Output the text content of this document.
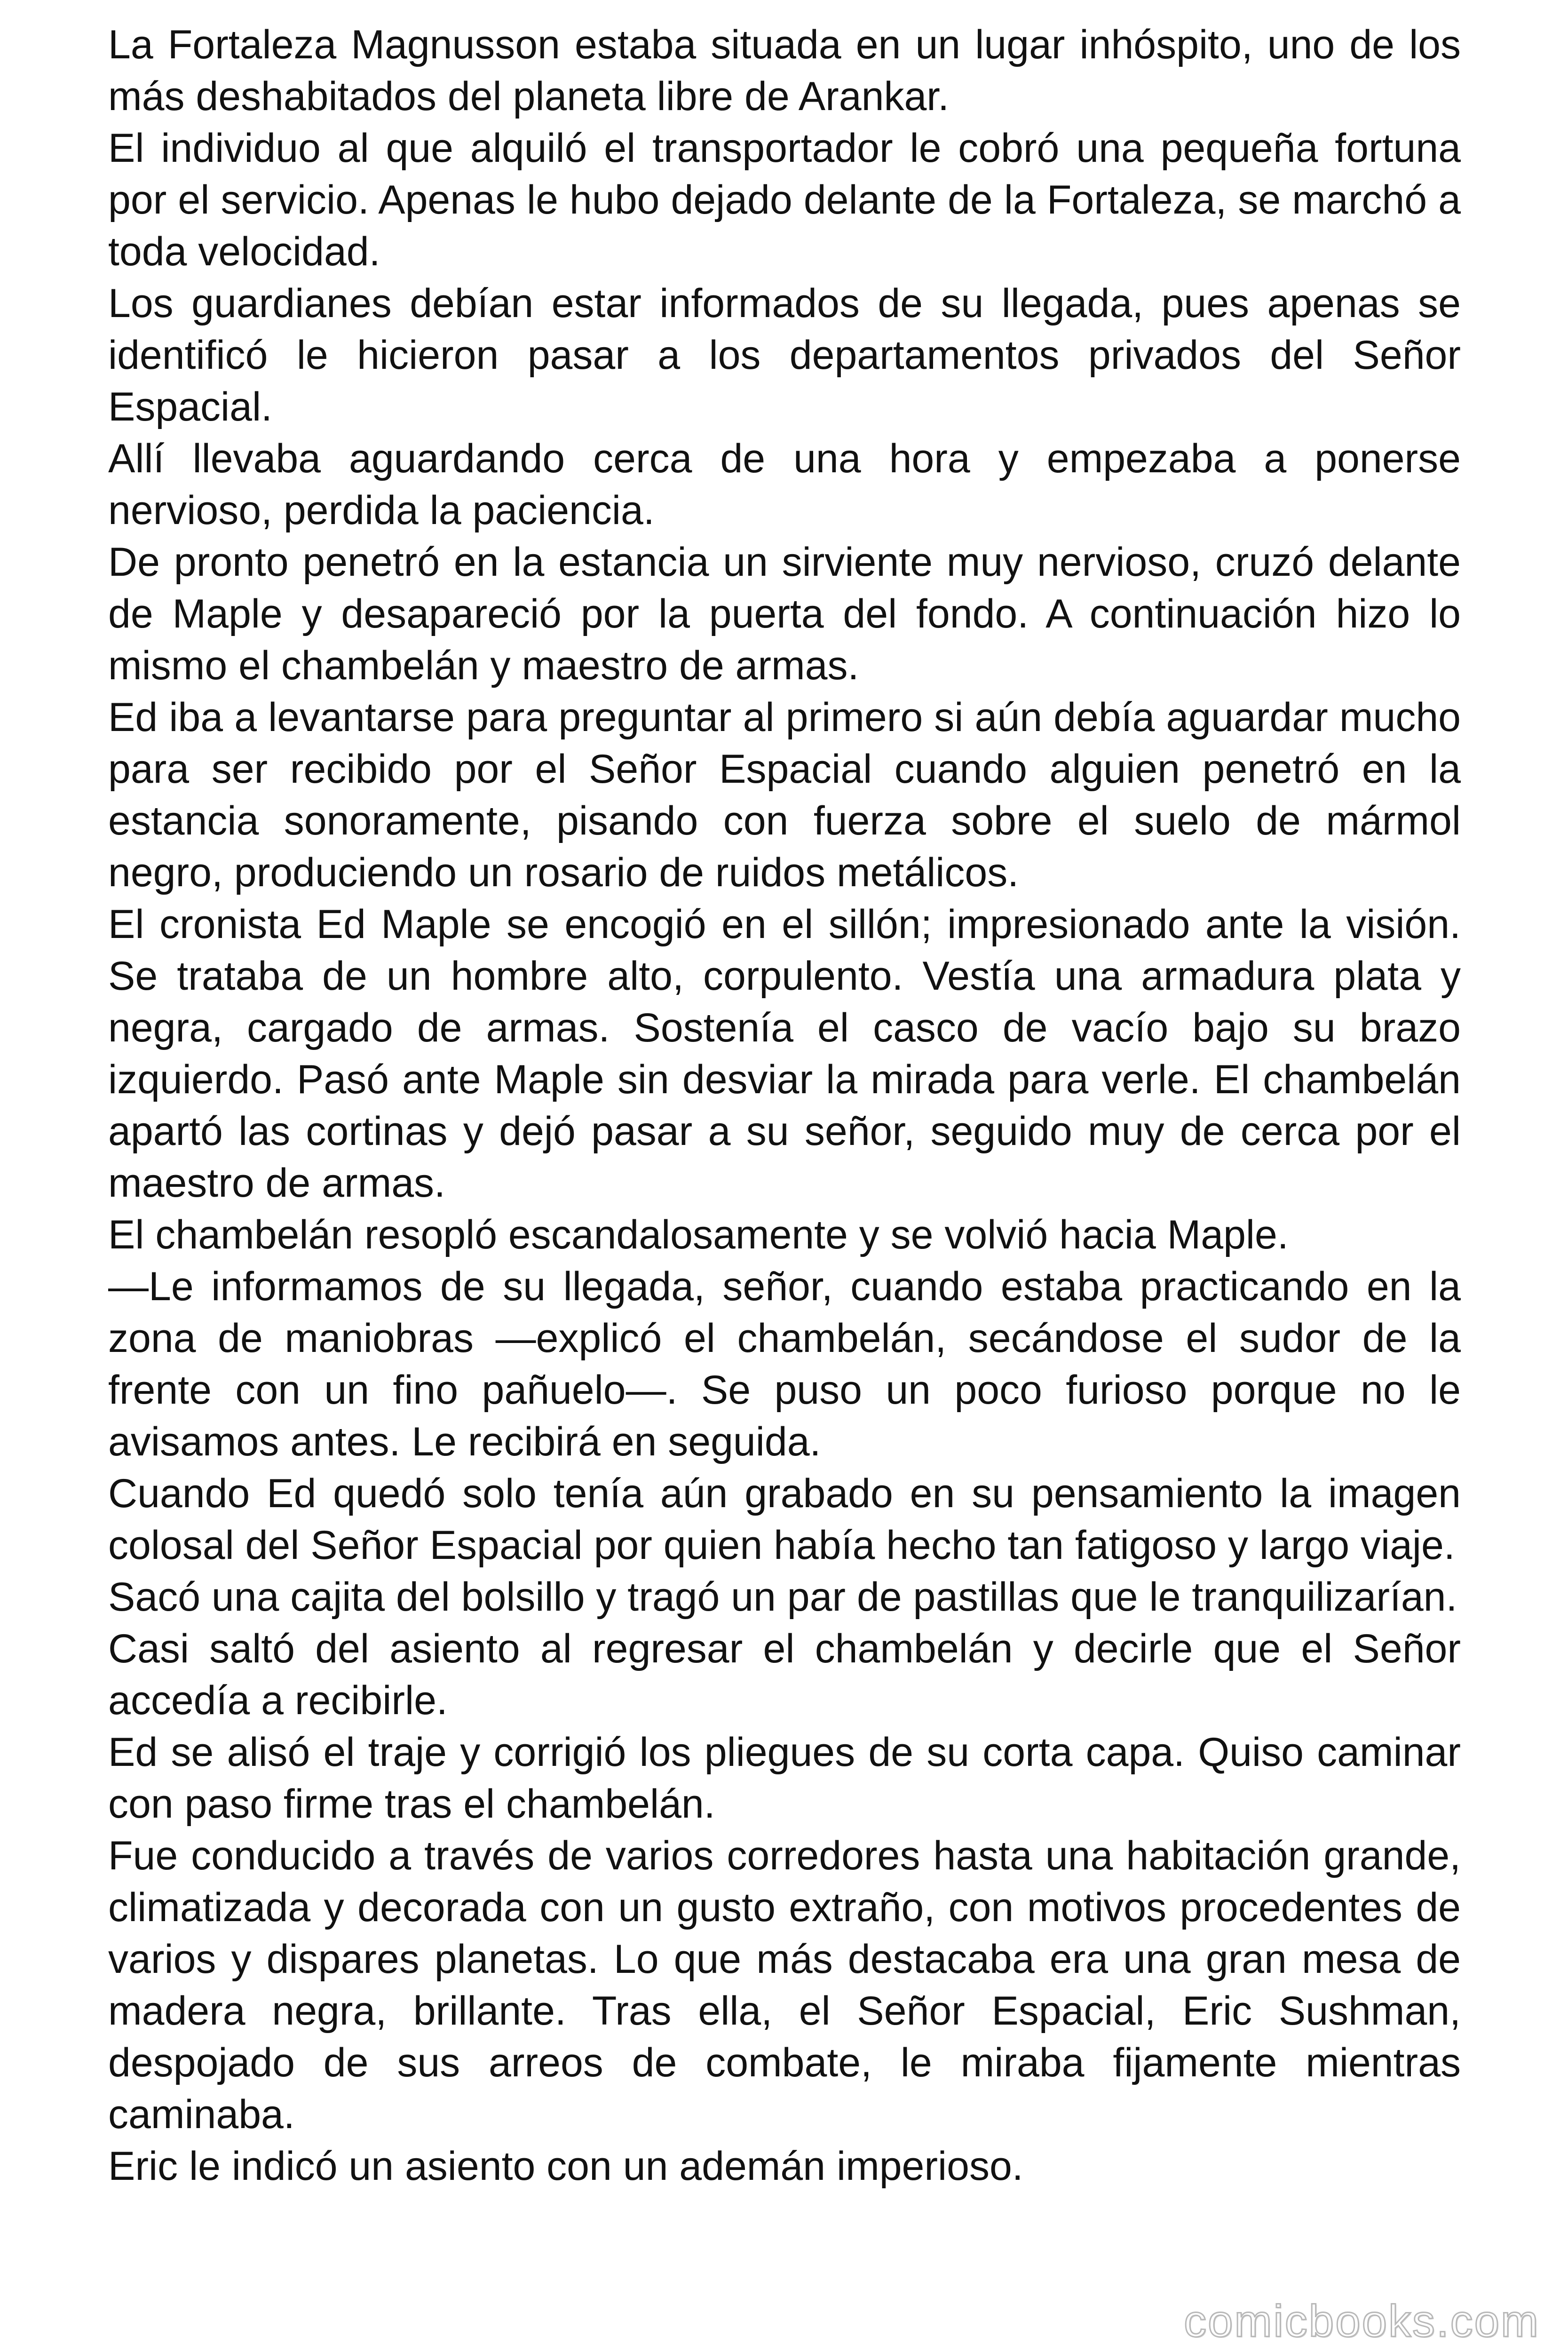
La Fortaleza Magnusson estaba situada en un lugar inhóspito, uno de los más deshabitados del planeta libre de Arankar.

El individuo al que alquiló el transportador le cobró una pequeña fortuna por el servicio. Apenas le hubo dejado delante de la Fortaleza, se marchó a toda velocidad.

Los guardianes debían estar informados de su llegada, pues apenas se identificó le hicieron pasar a los departamentos privados del Señor Espacial.

Allí llevaba aguardando cerca de una hora y empezaba a ponerse nervioso, perdida la paciencia.

De pronto penetró en la estancia un sirviente muy nervioso, cruzó delante de Maple y desapareció por la puerta del fondo. A continuación hizo lo mismo el chambelán y maestro de armas.

Ed iba a levantarse para preguntar al primero si aún debía aguardar mucho para ser recibido por el Señor Espacial cuando alguien penetró en la estancia sonoramente, pisando con fuerza sobre el suelo de mármol negro, produciendo un rosario de ruidos metálicos.

El cronista Ed Maple se encogió en el sillón; impresionado ante la visión. Se trataba de un hombre alto, corpulento. Vestía una armadura plata y negra, cargado de armas. Sostenía el casco de vacío bajo su brazo izquierdo. Pasó ante Maple sin desviar la mirada para verle. El chambelán apartó las cortinas y dejó pasar a su señor, seguido muy de cerca por el maestro de armas.

El chambelán resopló escandalosamente y se volvió hacia Maple.

—Le informamos de su llegada, señor, cuando estaba practicando en la zona de maniobras —explicó el chambelán, secándose el sudor de la frente con un fino pañuelo—. Se puso un poco furioso porque no le avisamos antes. Le recibirá en seguida.

Cuando Ed quedó solo tenía aún grabado en su pensamiento la imagen colosal del Señor Espacial por quien había hecho tan fatigoso y largo viaje.

Sacó una cajita del bolsillo y tragó un par de pastillas que le tranquilizarían.

Casi saltó del asiento al regresar el chambelán y decirle que el Señor accedía a recibirle.

Ed se alisó el traje y corrigió los pliegues de su corta capa. Quiso caminar con paso firme tras el chambelán.

Fue conducido a través de varios corredores hasta una habitación grande, climatizada y decorada con un gusto extraño, con motivos procedentes de varios y dispares planetas. Lo que más destacaba era una gran mesa de madera negra, brillante. Tras ella, el Señor Espacial, Eric Sushman, despojado de sus arreos de combate, le miraba fijamente mientras caminaba.

Eric le indicó un asiento con un ademán imperioso.

comicbooks.com
